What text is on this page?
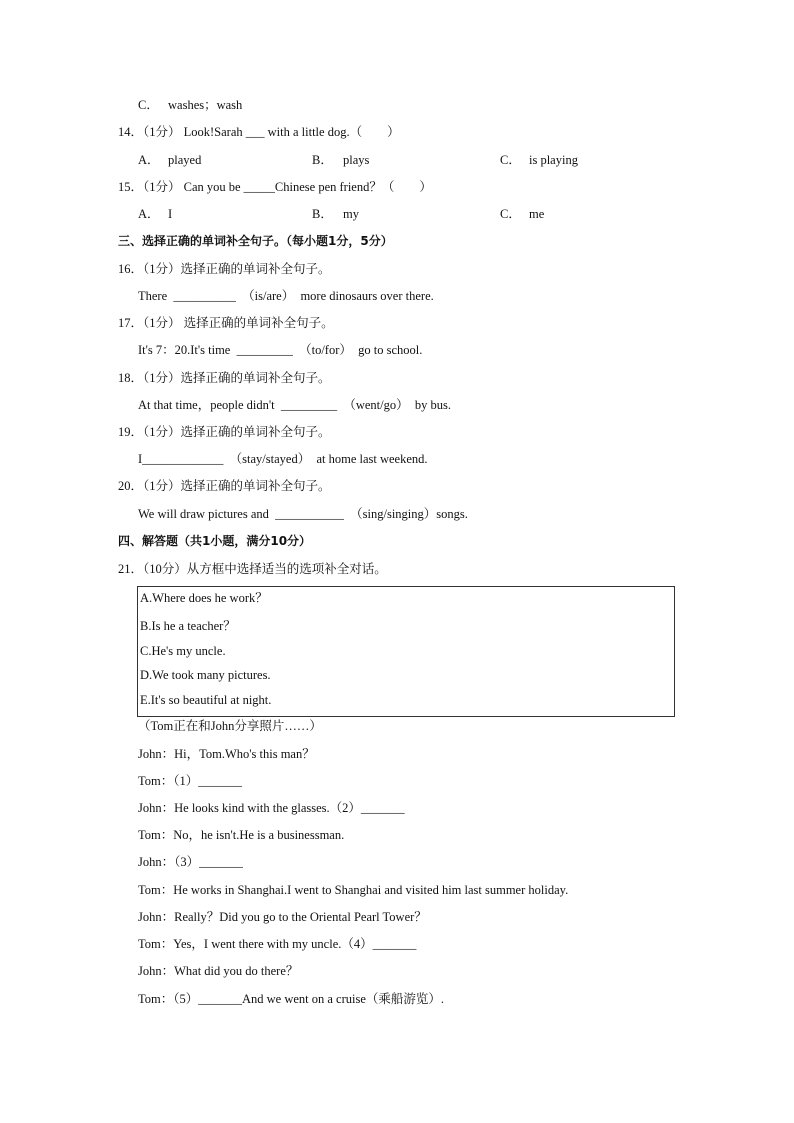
C． washes；wash
14．（1分） Look!Sarah ___ with a little dog.（　　）
A． played	B． plays	C． is playing
15．（1分） Can you be _____Chinese pen friend？（　　）
A． I	B． my	C． me
三、选择正确的单词补全句子。（每小题1分，5分）
16．（1分）选择正确的单词补全句子。
There  __________  （is/are）  more dinosaurs over there.
17．（1分） 选择正确的单词补全句子。
It's 7：20.It's time  _________  （to/for）  go to school.
18．（1分）选择正确的单词补全句子。
At that time，people didn't  _________  （went/go）  by bus.
19．（1分）选择正确的单词补全句子。
I_____________  （stay/stayed）  at home last weekend.
20．（1分）选择正确的单词补全句子。
We will draw pictures and  ___________  （sing/singing）songs.
四、解答题（共1小题，满分10分）
21．（10分）从方框中选择适当的选项补全对话。
A.Where does he work？
B.Is he a teacher？
C.He's my uncle.
D.We took many pictures.
E.It's so beautiful at night.
（Tom正在和John分享照片……）
John：Hi，Tom.Who's this man？
Tom：（1）_______
John：He looks kind with the glasses.（2）_______
Tom：No，he isn't.He is a businessman.
John：（3）_______
Tom：He works in Shanghai.I went to Shanghai and visited him last summer holiday.
John：Really？Did you go to the Oriental Pearl Tower？
Tom：Yes，I went there with my uncle.（4）_______
John：What did you do there？
Tom：（5）_______And we went on a cruise（乘船游览）.
